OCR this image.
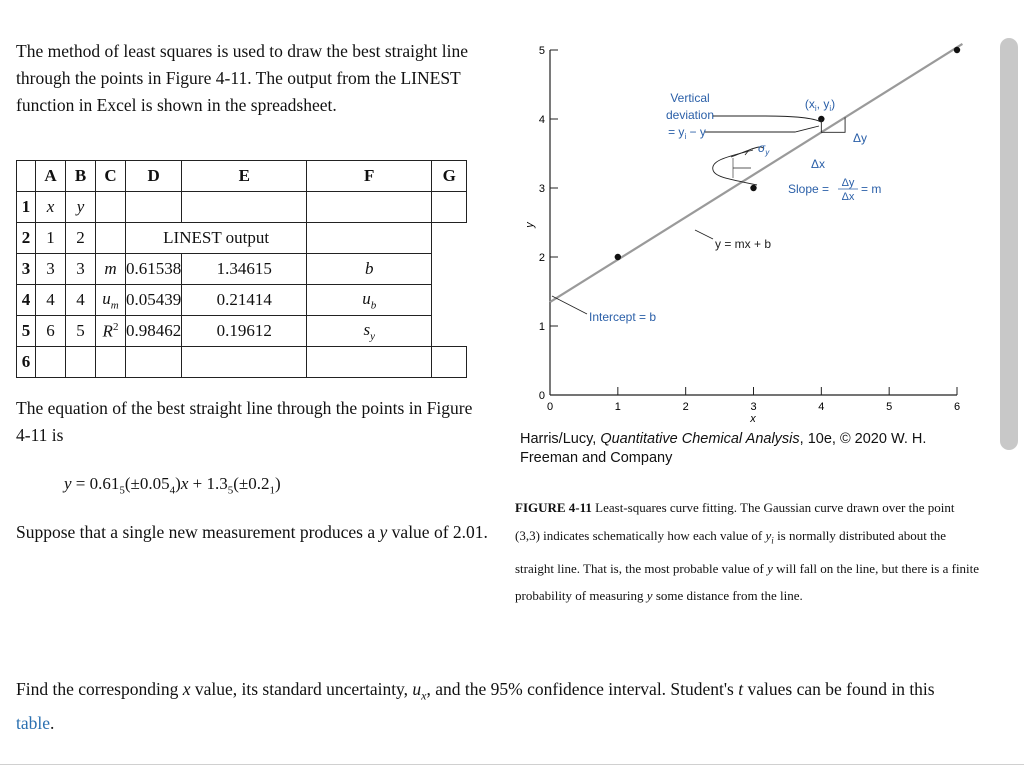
The method of least squares is used to draw the best straight line through the points in Figure 4-11. The output from the LINEST function in Excel is shown in the spreadsheet.
	A	B	C	D	E	F	G
1	x	y					
2	1	2		LINEST output			
3	3	3	m	0.61538	1.34615	b	
4	4	4	$u_m$	0.05439	0.21414	$u_b$
5	6	5	$R^2$	0.98462	0.19612	$s_y$
6							
The equation of the best straight line through the points in Figure 4-11 is
$y = 0.61_5(\pm 0.05_4)x + 1.3_5(\pm 0.2_1)$
Suppose that a single new measurement produces a y value of 2.01.
0	1	2	3	4	5	6
0
1
2
3
4
5
x
y
Vertical
deviation
= $y_i - y$
($x_i$, $y_i$)
Δy
Δx
Slope = Δy
Δx
= m
$\sigma_y$
y = mx + b
Intercept = b
Harris/Lucy, Quantitative Chemical Analysis, 10e, © 2020 W. H. Freeman and Company
FIGURE 4-11 Least-squares curve fitting. The Gaussian curve drawn over the point (3,3) indicates schematically how each value of $y_i$ is normally distributed about the straight line. That is, the most probable value of y will fall on the line, but there is a finite probability of measuring y some distance from the line.
Find the corresponding x value, its standard uncertainty, $u_x$, and the 95% confidence interval. Student's t values can be found in this table.
